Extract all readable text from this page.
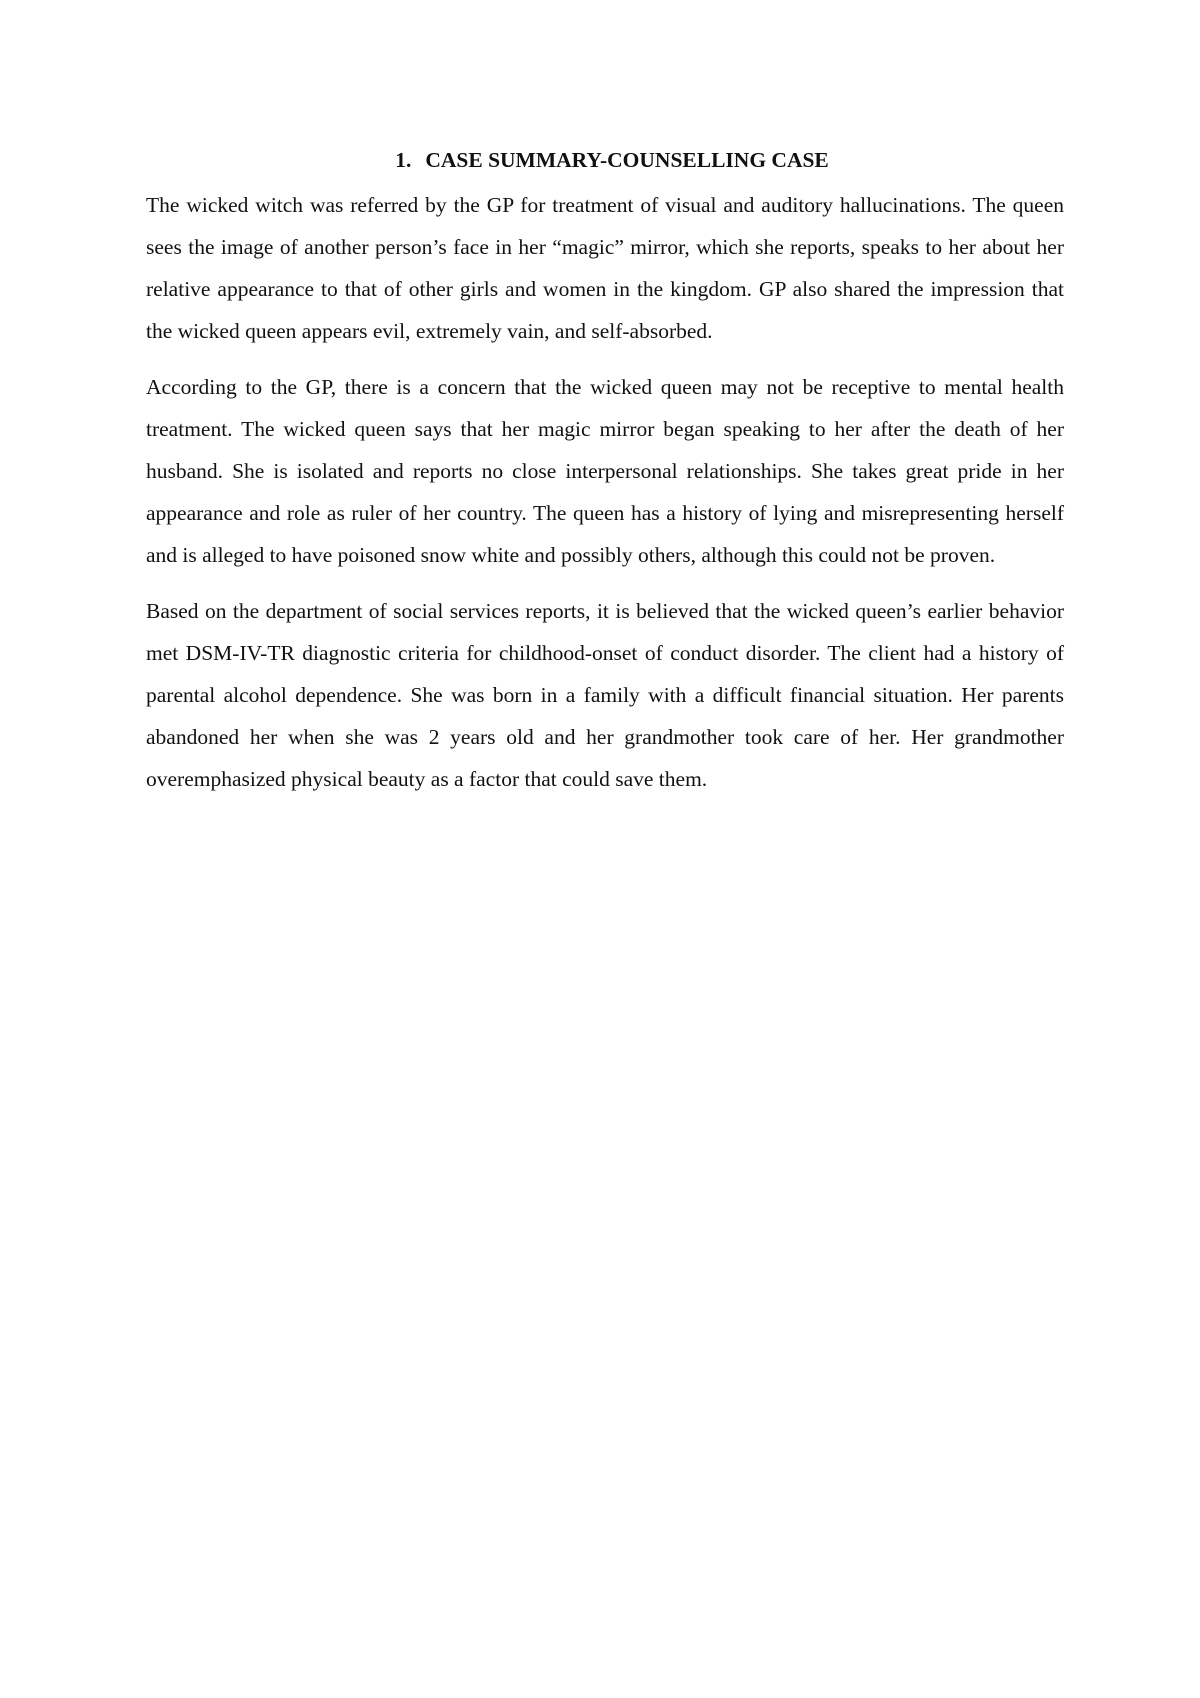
1. CASE SUMMARY-COUNSELLING CASE

The wicked witch was referred by the GP for treatment of visual and auditory hallucinations. The queen sees the image of another person’s face in her “magic” mirror, which she reports, speaks to her about her relative appearance to that of other girls and women in the kingdom. GP also shared the impression that the wicked queen appears evil, extremely vain, and self-absorbed.

According to the GP, there is a concern that the wicked queen may not be receptive to mental health treatment. The wicked queen says that her magic mirror began speaking to her after the death of her husband. She is isolated and reports no close interpersonal relationships. She takes great pride in her appearance and role as ruler of her country. The queen has a history of lying and misrepresenting herself and is alleged to have poisoned snow white and possibly others, although this could not be proven.

Based on the department of social services reports, it is believed that the wicked queen’s earlier behavior met DSM-IV-TR diagnostic criteria for childhood-onset of conduct disorder. The client had a history of parental alcohol dependence. She was born in a family with a difficult financial situation. Her parents abandoned her when she was 2 years old and her grandmother took care of her. Her grandmother overemphasized physical beauty as a factor that could save them.
